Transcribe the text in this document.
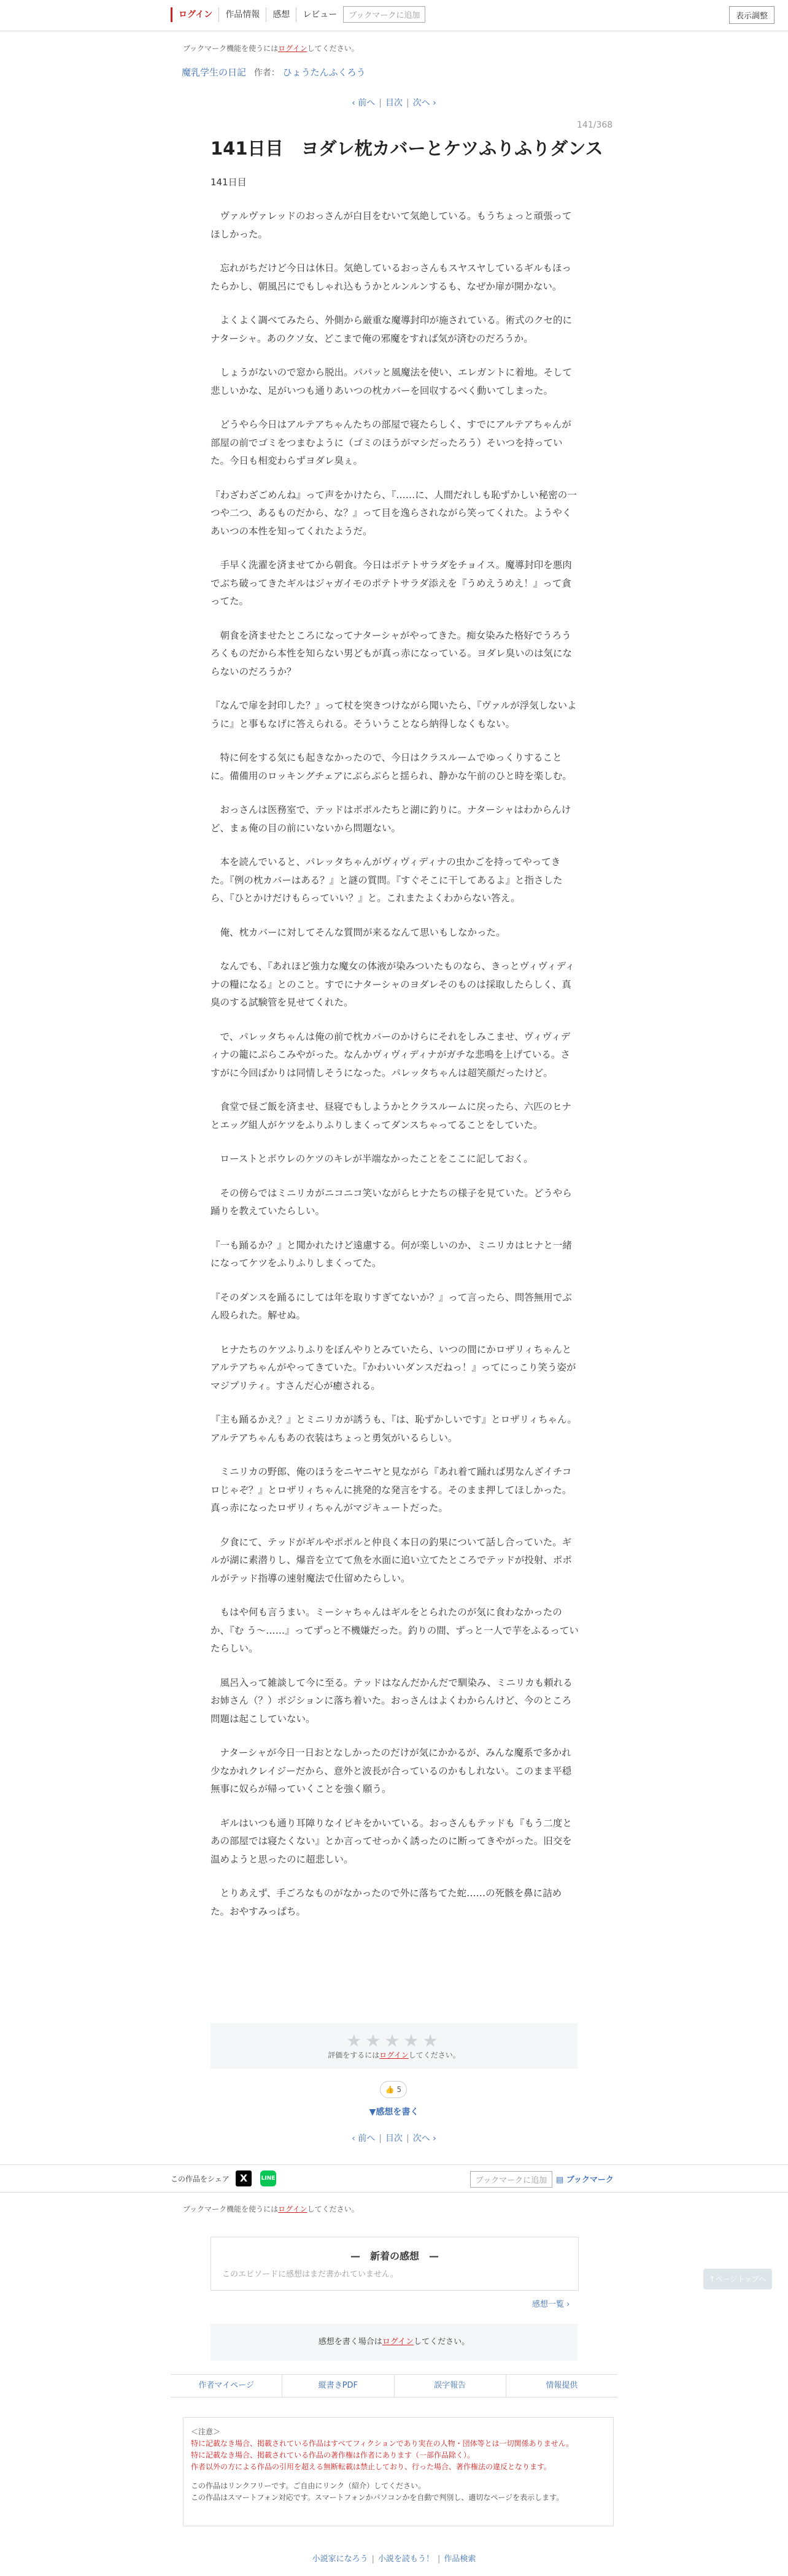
ログイン	作品情報	感想	レビュー	ブックマークに追加	表示調整
ブックマーク機能を使うにはログインしてください。
魔乳学生の日記 作者： ひょうたんふくろう
‹ 前へ | 目次 | 次へ ›
141/368
141日目　ヨダレ枕カバーとケツふりふりダンス
141日目

　ヴァルヴァレッドのおっさんが白目をむいて気絶している。もうちょっと頑張ってほしかった。

　忘れがちだけど今日は休日。気絶しているおっさんもスヤスヤしているギルもほったらかし、朝風呂にでもしゃれ込もうかとルンルンするも、なぜか扉が開かない。

　よくよく調べてみたら、外側から厳重な魔導封印が施されている。術式のクセ的にナターシャ。あのクソ女、どこまで俺の邪魔をすれば気が済むのだろうか。

　しょうがないので窓から脱出。パパッと風魔法を使い、エレガントに着地。そして悲しいかな、足がいつも通りあいつの枕カバーを回収するべく動いてしまった。

　どうやら今日はアルテアちゃんたちの部屋で寝たらしく、すでにアルテアちゃんが部屋の前でゴミをつまむように（ゴミのほうがマシだったろう）そいつを持っていた。今日も相変わらずヨダレ臭ぇ。

『わざわざごめんね』って声をかけたら、『……に、人間だれしも恥ずかしい秘密の一つや二つ、あるものだから、な？』って目を逸らされながら笑ってくれた。ようやくあいつの本性を知ってくれたようだ。

　手早く洗濯を済ませてから朝食。今日はポテトサラダをチョイス。魔導封印を悪肉でぶち破ってきたギルはジャガイモのポテトサラダ添えを『うめえうめえ！』って貪ってた。

　朝食を済ませたところになってナターシャがやってきた。痴女染みた格好でうろうろくものだから本性を知らない男どもが真っ赤になっている。ヨダレ臭いのは気にならないのだろうか？

『なんで扉を封印した？』って杖を突きつけながら聞いたら、『ヴァルが浮気しないように』と事もなげに答えられる。そういうことなら納得しなくもない。

　特に何をする気にも起きなかったので、今日はクラスルームでゆっくりすることに。備備用のロッキングチェアにぶらぶらと揺られ、静かな午前のひと時を楽しむ。

　おっさんは医務室で、テッドはポポルたちと湖に釣りに。ナターシャはわからんけど、まぁ俺の目の前にいないから問題ない。

　本を読んでいると、パレッタちゃんがヴィヴィディナの虫かごを持ってやってきた。『例の枕カバーはある？』と謎の質問。『すぐそこに干してあるよ』と指さしたら、『ひとかけだけもらっていい？』と。これまたよくわからない答え。

　俺、枕カバーに対してそんな質問が来るなんて思いもしなかった。

　なんでも、『あれほど強力な魔女の体液が染みついたものなら、きっとヴィヴィディナの糧になる』とのこと。すでにナターシャのヨダレそのものは採取したらしく、真臭のする試験管を見せてくれた。

　で、パレッタちゃんは俺の前で枕カバーのかけらにそれをしみこませ、ヴィヴィディナの籠にぷらこみやがった。なんかヴィヴィディナがガチな悲鳴を上げている。さすがに今回ばかりは同情しそうになった。パレッタちゃんは超笑顔だったけど。

　食堂で昼ご飯を済ませ、昼寝でもしようかとクラスルームに戻ったら、六匹のヒナとエッグ組人がケツをふりふりしまくってダンスちゃってることをしていた。

　ローストとボウレのケツのキレが半端なかったことをここに記しておく。

　その傍らではミニリカがニコニコ笑いながらヒナたちの様子を見ていた。どうやら踊りを教えていたらしい。

『一も踊るか？』と聞かれたけど遠慮する。何が楽しいのか、ミニリカはヒナと一緒になってケツをふりふりしまくってた。

『そのダンスを踊るにしては年を取りすぎてないか？』って言ったら、問答無用でぶん殴られた。解せぬ。

　ヒナたちのケツふりふりをぼんやりとみていたら、いつの間にかロザリィちゃんとアルテアちゃんがやってきていた。『かわいいダンスだねっ！』ってにっこり笑う姿がマジプリティ。すさんだ心が癒される。

『主も踊るかえ？』とミニリカが誘うも、『は、恥ずかしいです』とロザリィちゃん。アルテアちゃんもあの衣装はちょっと勇気がいるらしい。

　ミニリカの野郎、俺のほうをニヤニヤと見ながら『あれ着て踊れば男なんざイチコロじゃぞ？』とロザリィちゃんに挑発的な発言をする。そのまま押してほしかった。真っ赤になったロザリィちゃんがマジキュートだった。

　夕食にて、テッドがギルやポポルと仲良く本日の釣果について話し合っていた。ギルが湖に素潜りし、爆音を立てて魚を水面に追い立てたところでテッドが投射、ポポルがテッド指導の速射魔法で仕留めたらしい。

　もはや何も言うまい。ミーシャちゃんはギルをとられたのが気に食わなかったのか、『む う～……』ってずっと不機嫌だった。釣りの間、ずっと一人で芋をふるっていたらしい。

　風呂入って雑談して今に至る。テッドはなんだかんだで馴染み、ミニリカも頼れるお姉さん（？）ポジションに落ち着いた。おっさんはよくわからんけど、今のところ問題は起こしていない。

　ナターシャが今日一日おとなしかったのだけが気にかかるが、みんな魔系で多かれ少なかれクレイジーだから、意外と波長が合っているのかもしれない。このまま平穏無事に奴らが帰っていくことを強く願う。

　ギルはいつも通り耳障りなイビキをかいている。おっさんもテッドも『もう二度とあの部屋では寝たくない』とか言ってせっかく誘ったのに断ってきやがった。旧交を温めようと思ったのに超悲しい。

　とりあえず、手ごろなものがなかったので外に落ちてた蛇……の死骸を鼻に詰めた。おやすみっぱち。

★★★★★
評価をするにはログインしてください。
👍 5
▼感想を書く
‹ 前へ | 目次 | 次へ ›
この作品をシェア	X	LINE	ブックマークに追加	▤ ブックマーク
ブックマーク機能を使うにはログインしてください。
—　新着の感想　—
このエピソードに感想はまだ書かれていません。
感想一覧 ›
↑ページトップへ
感想を書く場合はログインしてください。
作者マイページ	縦書きPDF	誤字報告	情報提供
＜注意＞
特に記載なき場合、掲載されている作品はすべてフィクションであり実在の人物・団体等とは一切関係ありません。
特に記載なき場合、掲載されている作品の著作権は作者にあります（一部作品除く）。
作者以外の方による作品の引用を超える無断転載は禁止しており、行った場合、著作権法の違反となります。
この作品はリンクフリーです。ご自由にリンク（紹介）してください。
この作品はスマートフォン対応です。スマートフォンかパソコンかを自動で判別し、適切なページを表示します。
小説家になろう | 小説を読もう！ | 作品検索
